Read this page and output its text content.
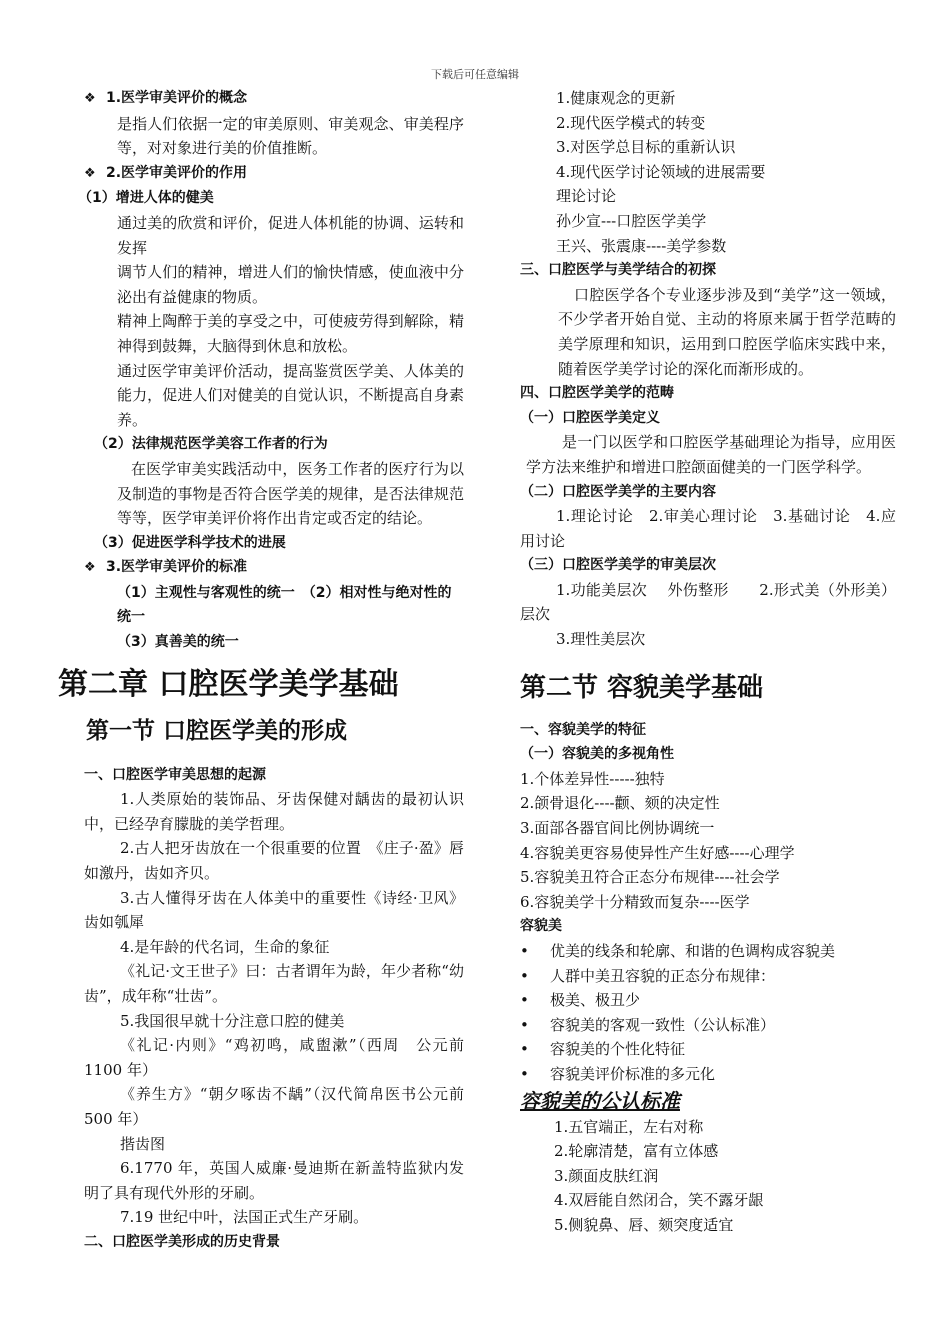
下载后可任意编辑

❖ 1.医学审美评价的概念

是指人们依据一定的审美原则、审美观念、审美程序等，对对象进行美的价值推断。

❖ 2.医学审美评价的作用

（1）增进人体的健美

通过美的欣赏和评价，促进人体机能的协调、运转和发挥

调节人们的精神，增进人们的愉快情感，使血液中分泌出有益健康的物质。

精神上陶醉于美的享受之中，可使疲劳得到解除，精神得到鼓舞，大脑得到休息和放松。

通过医学审美评价活动，提高鉴赏医学美、人体美的能力，促进人们对健美的自觉认识，不断提高自身素养。

（2）法律规范医学美容工作者的行为

在医学审美实践活动中，医务工作者的医疗行为以及制造的事物是否符合医学美的规律，是否法律规范等等，医学审美评价将作出肯定或否定的结论。

（3）促进医学科学技术的进展

❖ 3.医学审美评价的标准

（1）主观性与客观性的统一　（2）相对性与绝对性的统一

（3）真善美的统一

第二章 口腔医学美学基础
第一节 口腔医学美的形成

一、口腔医学审美思想的起源

1.人类原始的装饰品、牙齿保健对龋齿的最初认识中，已经孕育朦胧的美学哲理。

2.古人把牙齿放在一个很重要的位置　《庄子·盈》唇如激丹，齿如齐贝。

3.古人懂得牙齿在人体美中的重要性《诗经·卫风》齿如瓠犀

4.是年龄的代名词，生命的象征

《礼记·文王世子》曰：古者谓年为龄，年少者称“幼齿”，成年称“壮齿”。

5.我国很早就十分注意口腔的健美

《礼记·内则》“鸡初鸣，咸盥漱”（西周　公元前 1100 年）

《养生方》“朝夕啄齿不龋”（汉代简帛医书公元前 500 年）

揩齿图

6.1770 年，英国人威廉·曼迪斯在新盖特监狱内发明了具有现代外形的牙刷。

7.19 世纪中叶，法国正式生产牙刷。

二、口腔医学美形成的历史背景

1.健康观念的更新

2.现代医学模式的转变

3.对医学总目标的重新认识

4.现代医学讨论领域的进展需要

理论讨论

孙少宣---口腔医学美学

王兴、张震康----美学参数

三、口腔医学与美学结合的初探

口腔医学各个专业逐步涉及到“美学”这一领域，不少学者开始自觉、主动的将原来属于哲学范畴的美学原理和知识，运用到口腔医学临床实践中来，随着医学美学讨论的深化而渐形成的。

四、口腔医学美学的范畴

（一）口腔医学美定义

是一门以医学和口腔医学基础理论为指导，应用医学方法来维护和增进口腔颌面健美的一门医学科学。

（二）口腔医学美学的主要内容

1.理论讨论　2.审美心理讨论　3.基础讨论　4.应用讨论

（三）口腔医学美学的审美层次

1.功能美层次　 外伤整形　　2.形式美（外形美）层次

3.理性美层次

第二节 容貌美学基础

一、容貌美学的特征

（一）容貌美的多视角性

1.个体差异性-----独特

2.颌骨退化----颧、颏的决定性

3.面部各器官间比例协调统一

4.容貌美更容易使异性产生好感----心理学

5.容貌美丑符合正态分布规律----社会学

6.容貌美学十分精致而复杂----医学

容貌美

• 优美的线条和轮廓、和谐的色调构成容貌美

• 人群中美丑容貌的正态分布规律：

• 极美、极丑少

• 容貌美的客观一致性（公认标准）

• 容貌美的个性化特征

• 容貌美评价标准的多元化

容貌美的公认标准

1.五官端正，左右对称

2.轮廓清楚，富有立体感

3.颜面皮肤红润

4.双唇能自然闭合，笑不露牙龈

5.侧貌鼻、唇、颏突度适宜
